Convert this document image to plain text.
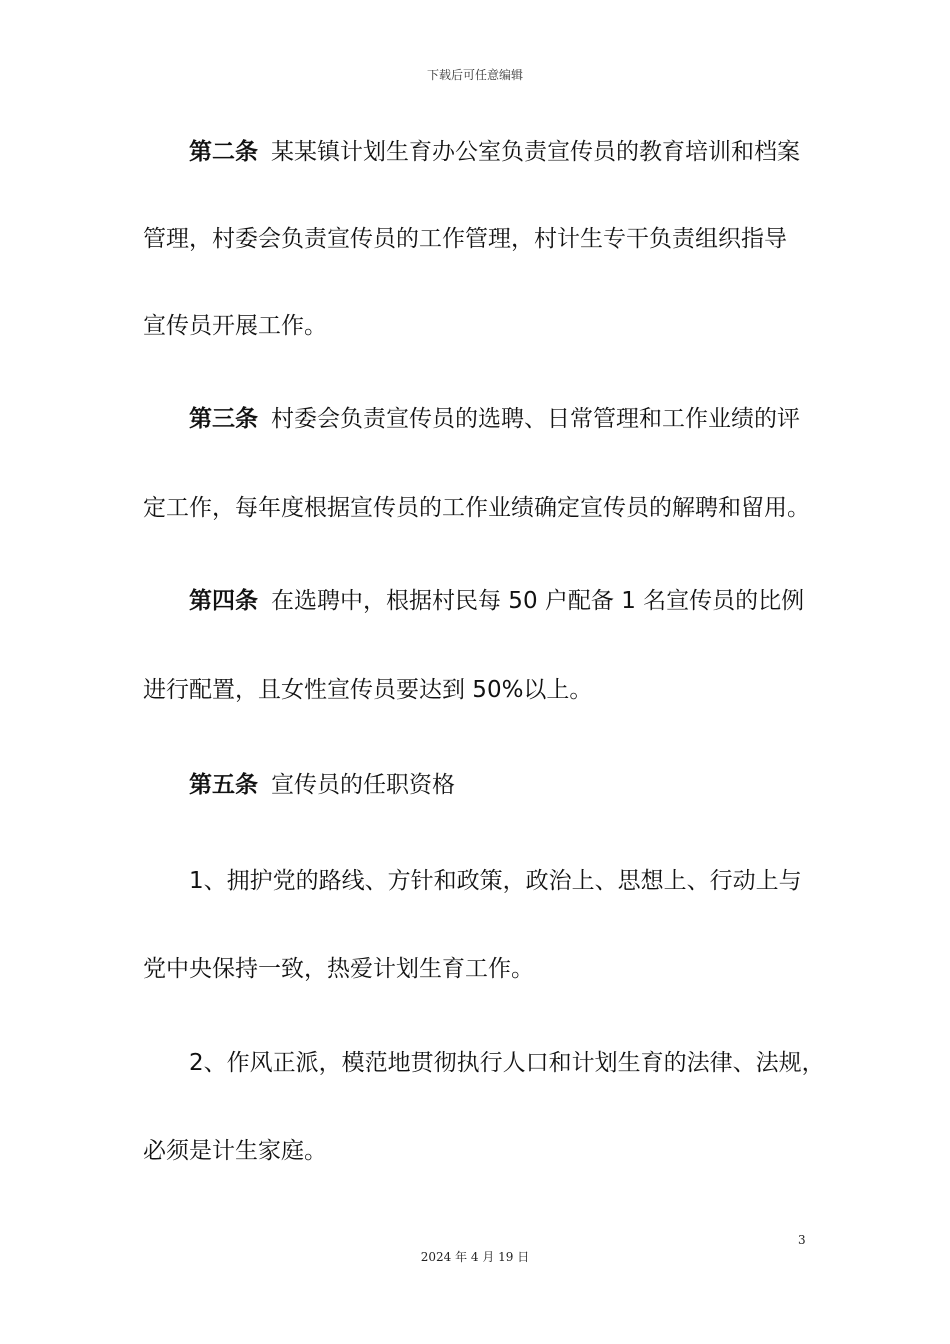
下载后可任意编辑
第二条 某某镇计划生育办公室负责宣传员的教育培训和档案
管理，村委会负责宣传员的工作管理，村计生专干负责组织指导
宣传员开展工作。
第三条 村委会负责宣传员的选聘、日常管理和工作业绩的评
定工作，每年度根据宣传员的工作业绩确定宣传员的解聘和留用。
第四条 在选聘中，根据村民每 50 户配备 1 名宣传员的比例
进行配置，且女性宣传员要达到 50%以上。
第五条 宣传员的任职资格
1、拥护党的路线、方针和政策，政治上、思想上、行动上与
党中央保持一致，热爱计划生育工作。
2、作风正派，模范地贯彻执行人口和计划生育的法律、法规，
必须是计生家庭。
3
2024 年 4 月 19 日
